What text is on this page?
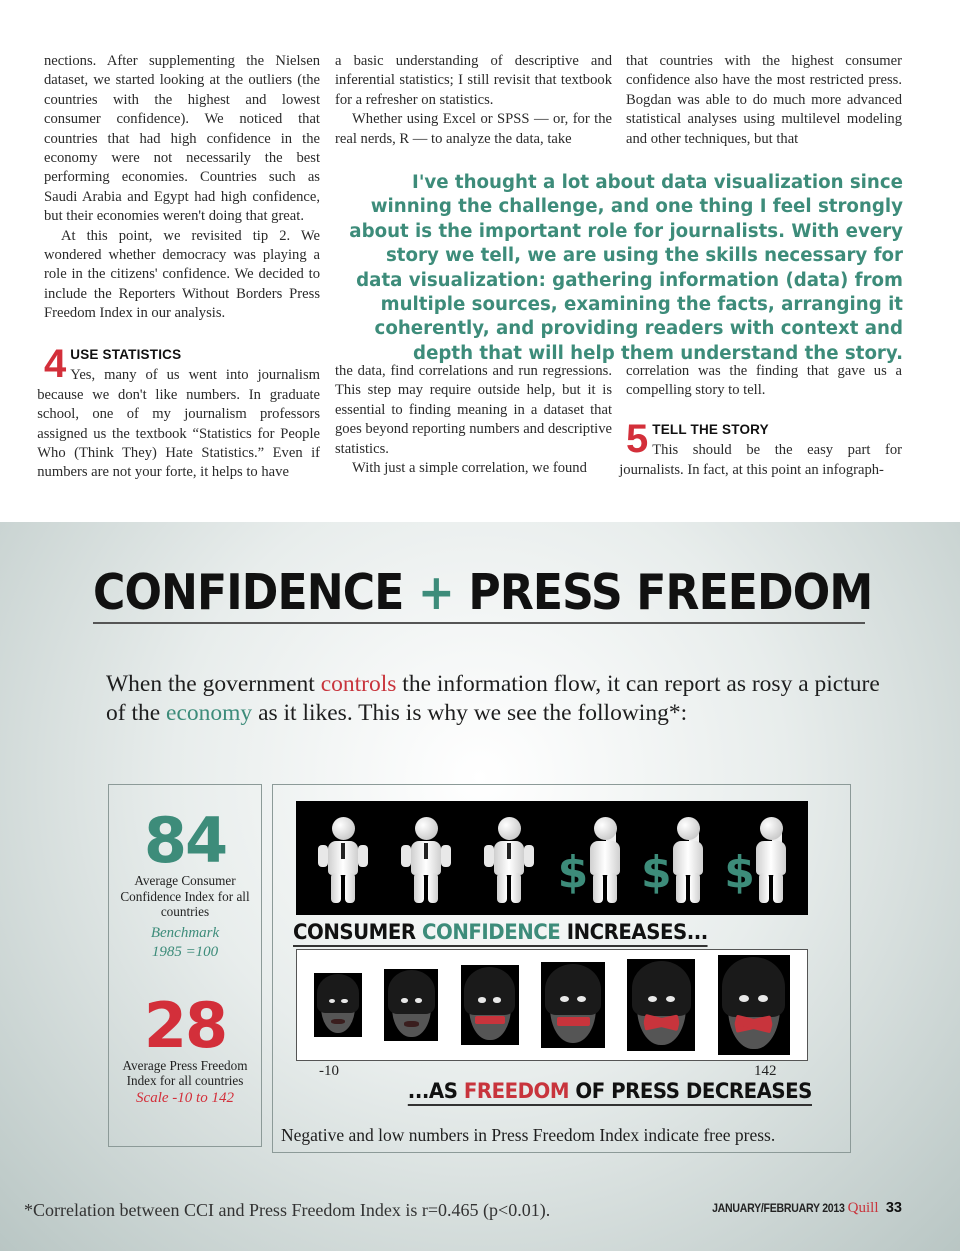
nections. After supplementing the Nielsen dataset, we started looking at the outliers (the countries with the highest and lowest consumer confidence). We noticed that countries that had high confidence in the economy were not necessarily the best performing economies. Countries such as Saudi Arabia and Egypt had high confidence, but their economies weren't doing that great.

At this point, we revisited tip 2. We wondered whether democracy was playing a role in the citizens' confidence. We decided to include the Reporters Without Borders Press Freedom Index in our analysis.

a basic understanding of descriptive and inferential statistics; I still revisit that textbook for a refresher on statistics.

Whether using Excel or SPSS — or, for the real nerds, R — to analyze the data, take

that countries with the highest consumer confidence also have the most restricted press. Bogdan was able to do much more advanced statistical analyses using multilevel modeling and other techniques, but that

I've thought a lot about data visualization since winning the challenge, and one thing I feel strongly about is the important role for journalists. With every story we tell, we are using the skills necessary for data visualization: gathering information (data) from multiple sources, examining the facts, arranging it coherently, and providing readers with context and depth that will help them understand the story.
4 USE STATISTICS
Yes, many of us went into journalism because we don't like numbers. In graduate school, one of my journalism professors assigned us the textbook “Statistics for People Who (Think They) Hate Statistics.” Even if numbers are not your forte, it helps to have

the data, find correlations and run regressions. This step may require outside help, but it is essential to finding meaning in a dataset that goes beyond reporting numbers and descriptive statistics.

With just a simple correlation, we found

correlation was the finding that gave us a compelling story to tell.

5 TELL THE STORY
This should be the easy part for journalists. In fact, at this point an infograph-
CONFIDENCE + PRESS FREEDOM
When the government controls the information flow, it can report as rosy a picture of the economy as it likes. This is why we see the following*:
84
Average Consumer Confidence Index for all countries
Benchmark 1985 =100
28
Average Press Freedom Index for all countries
Scale -10 to 142
$ $ $
CONSUMER CONFIDENCE INCREASES...
-10	142
...AS FREEDOM OF PRESS DECREASES
Negative and low numbers in Press Freedom Index indicate free press.
*Correlation between CCI and Press Freedom Index is r=0.465 (p<0.01).	JANUARY/FEBRUARY 2013 Quill 33
